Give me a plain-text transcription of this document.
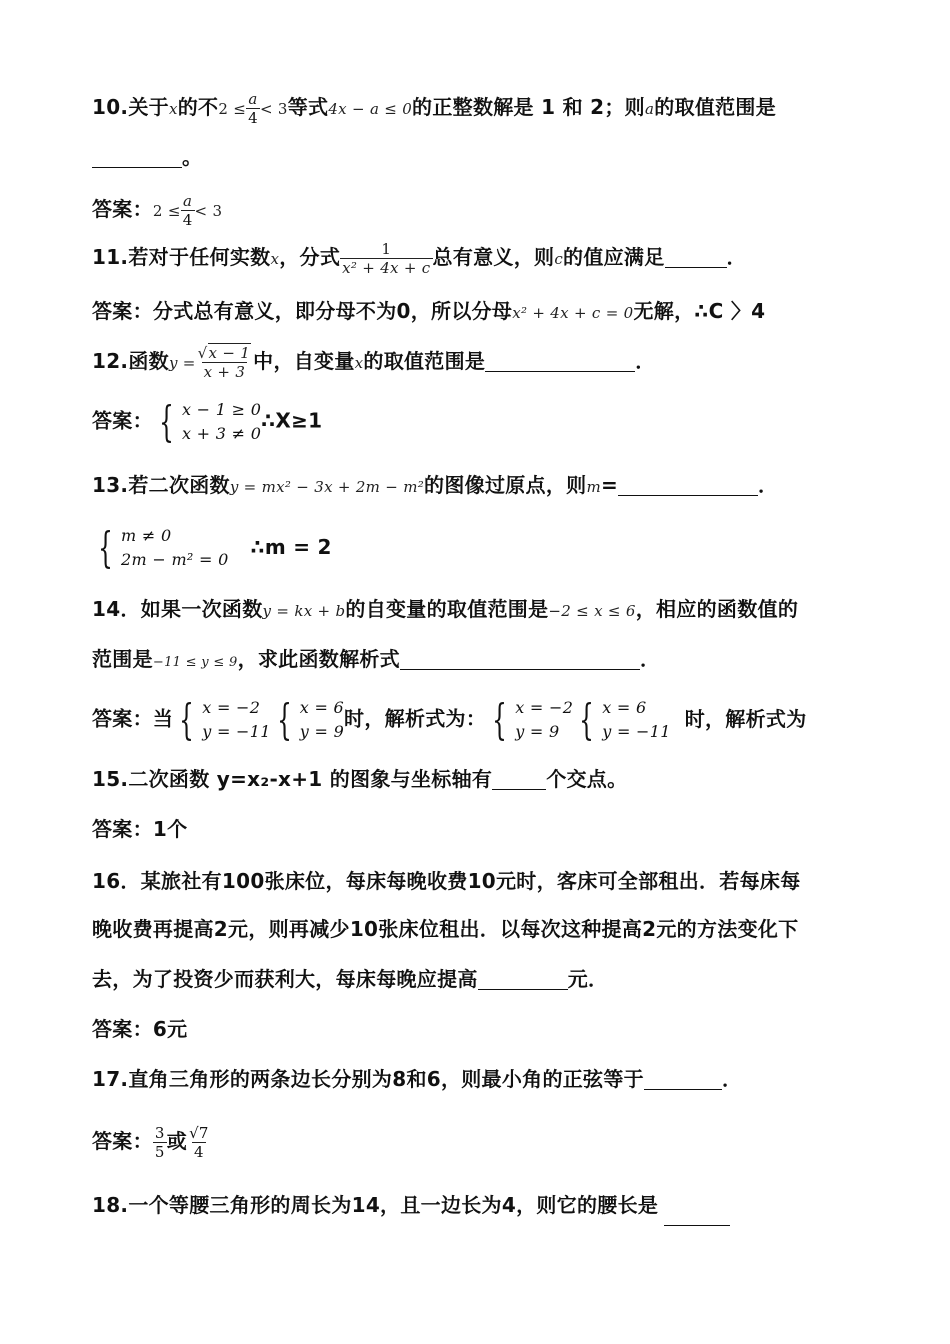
10.关于x的不$2 \le \frac{a}{4} < 3$等式4x − a ≤ 0的正整数解是 1 和 2；则a的取值范围是
。
答案：$2 \le \frac{a}{4} < 3$
11.若对于任何实数x，分式 $\frac{1}{\text{x² + 4x + c}}$ 总有意义，则c的值应满足	．
答案：分式总有意义，即分母不为0，所以分母x² + 4x + c = 0无解，∴C 〉4
12.函数$y = \frac{√x - 1}{x + 3}$ 中，自变量x的取值范围是	．
答案： { x − 1 ≥ 0
x + 3 ≠ 0
∴X≥1
13.若二次函数y = mx² − 3x + 2m − m²的图像过原点，则m=	．
{ m ≠ 0
2m − m² = 0
∴m = 2
14．如果一次函数y = kx + b的自变量的取值范围是−2 ≤ x ≤ 6，相应的函数值的
范围是−11 ≤ y ≤ 9，求此函数解析式	．
答案：当 { x = −2
y = −11 { x = 6
y = 9
时，解析式为： { x = −2
y = 9 { x = 6
y = −11
时，解析式为
15.二次函数 y=x₂-x+1 的图象与坐标轴有	个交点。
答案：1个
16．某旅社有100张床位，每床每晚收费10元时，客床可全部租出．若每床每
晚收费再提高2元，则再减少10张床位租出．以每次这种提高2元的方法变化下
去，为了投资少而获利大，每床每晚应提高	元．
答案：6元
17.直角三角形的两条边长分别为8和6，则最小角的正弦等于	．
答案： $\frac{3}{5}$ 或 $\frac{√7}{4}$
18.一个等腰三角形的周长为14，且一边长为4，则它的腰长是
